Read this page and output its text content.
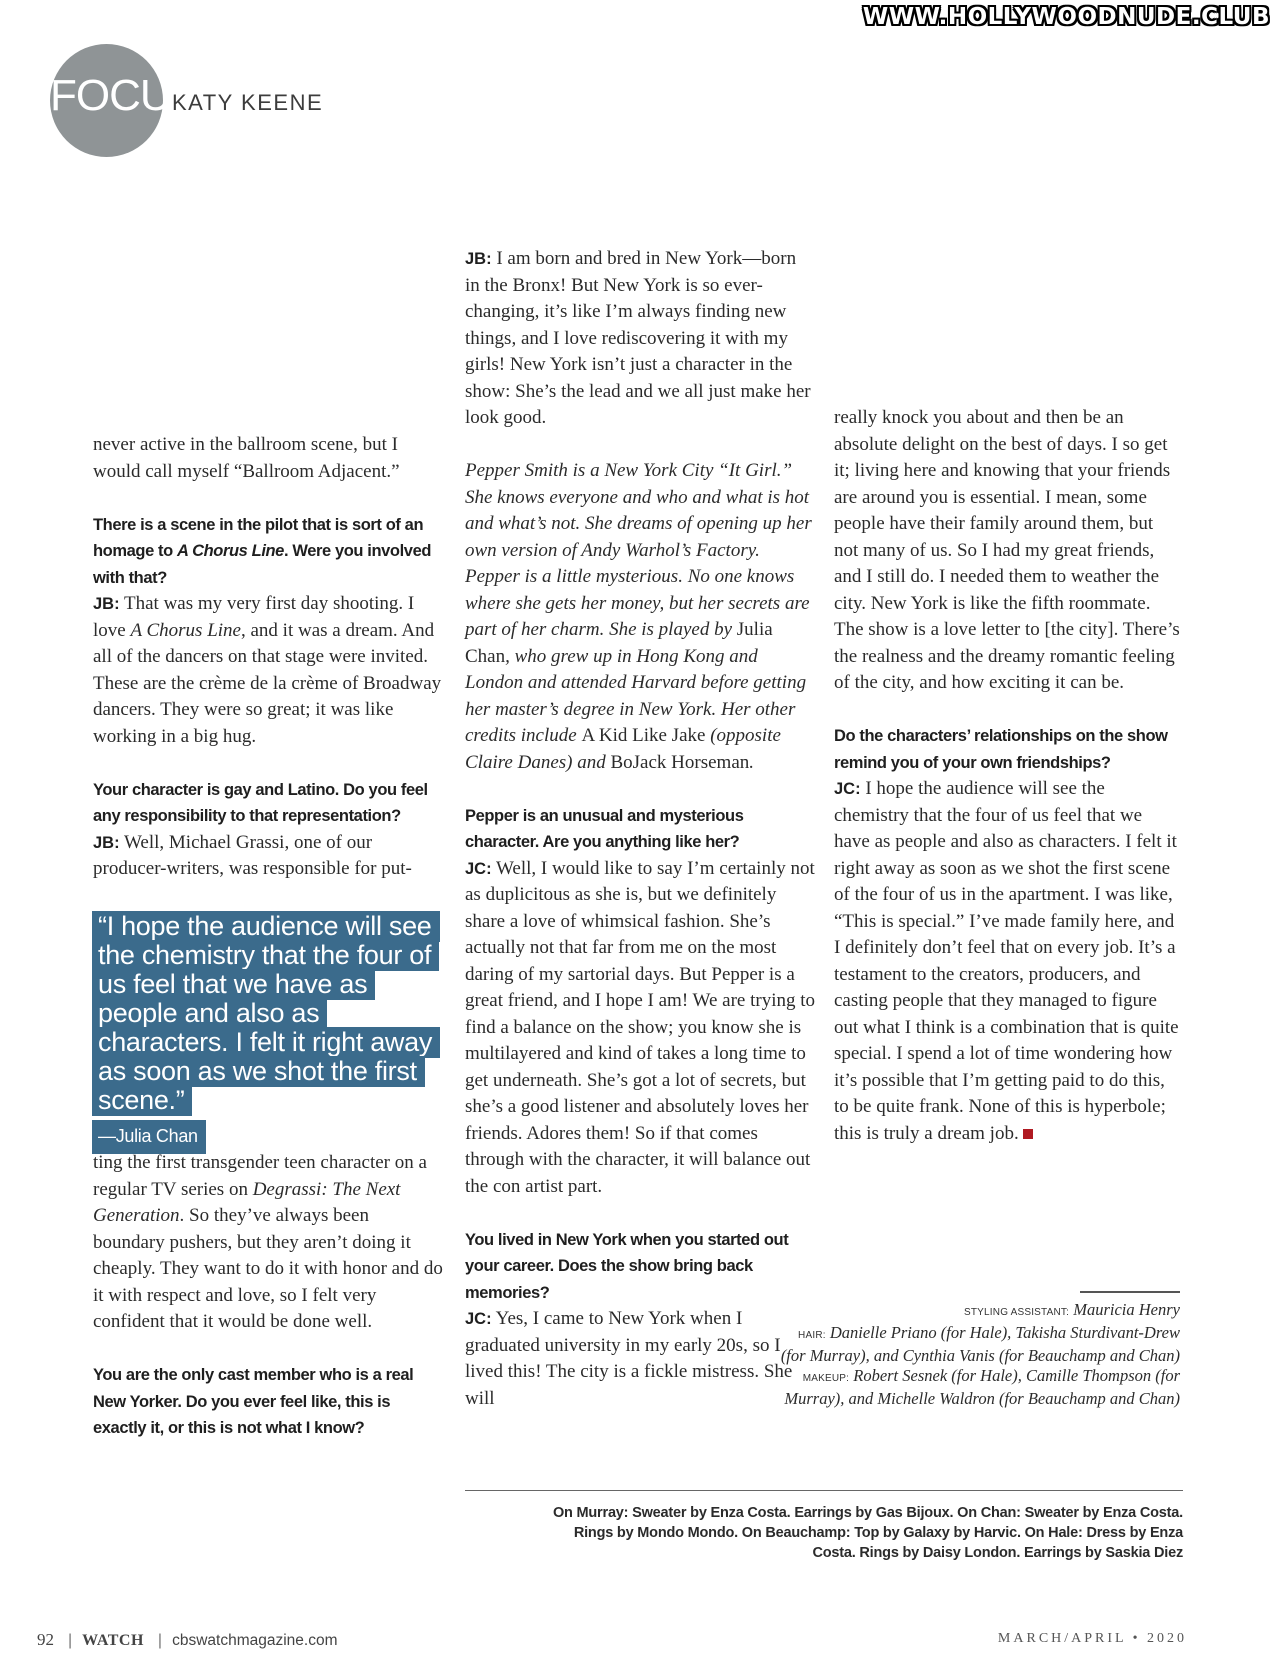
WWW.HOLLYWOODNUDE.CLUB
FOCUS
KATY KEENE

never active in the ballroom scene, but I would call myself “Ballroom Adjacent.”

There is a scene in the pilot that is sort of an homage to A Chorus Line. Were you involved with that?

JB: That was my very first day shooting. I love A Chorus Line, and it was a dream. And all of the dancers on that stage were invited. These are the crème de la crème of Broadway dancers. They were so great; it was like working in a big hug.

Your character is gay and Latino. Do you feel any responsibility to that representation?

JB: Well, Michael Grassi, one of our producer-writers, was responsible for put-

“I hope the audience will see the chemistry that the four of us feel that we have as people and also as characters. I felt it right away as soon as we shot the first scene.”
—Julia Chan

ting the first transgender teen character on a regular TV series on Degrassi: The Next Generation. So they’ve always been boundary pushers, but they aren’t doing it cheaply. They want to do it with honor and do it with respect and love, so I felt very confident that it would be done well.

You are the only cast member who is a real New Yorker. Do you ever feel like, this is exactly it, or this is not what I know?

JB: I am born and bred in New York—born in the Bronx! But New York is so ever-changing, it’s like I’m always finding new things, and I love rediscovering it with my girls! New York isn’t just a character in the show: She’s the lead and we all just make her look good.

Pepper Smith is a New York City “It Girl.” She knows everyone and who and what is hot and what’s not. She dreams of opening up her own version of Andy Warhol’s Factory. Pepper is a little mysterious. No one knows where she gets her money, but her secrets are part of her charm. She is played by Julia Chan, who grew up in Hong Kong and London and attended Harvard before getting her master’s degree in New York. Her other credits include A Kid Like Jake (opposite Claire Danes) and BoJack Horseman.

Pepper is an unusual and mysterious character. Are you anything like her?

JC: Well, I would like to say I’m certainly not as duplicitous as she is, but we definitely share a love of whimsical fashion. She’s actually not that far from me on the most daring of my sartorial days. But Pepper is a great friend, and I hope I am! We are trying to find a balance on the show; you know she is multilayered and kind of takes a long time to get underneath. She’s got a lot of secrets, but she’s a good listener and absolutely loves her friends. Adores them! So if that comes through with the character, it will balance out the con artist part.

You lived in New York when you started out your career. Does the show bring back memories?

JC: Yes, I came to New York when I graduated university in my early 20s, so I lived this! The city is a fickle mistress. She will

really knock you about and then be an absolute delight on the best of days. I so get it; living here and knowing that your friends are around you is essential. I mean, some people have their family around them, but not many of us. So I had my great friends, and I still do. I needed them to weather the city. New York is like the fifth roommate. The show is a love letter to [the city]. There’s the realness and the dreamy romantic feeling of the city, and how exciting it can be.

Do the characters’ relationships on the show remind you of your own friendships?

JC: I hope the audience will see the chemistry that the four of us feel that we have as people and also as characters. I felt it right away as soon as we shot the first scene of the four of us in the apartment. I was like, “This is special.” I’ve made family here, and I definitely don’t feel that on every job. It’s a testament to the creators, producers, and casting people that they managed to figure out what I think is a combination that is quite special. I spend a lot of time wondering how it’s possible that I’m getting paid to do this, to be quite frank. None of this is hyperbole; this is truly a dream job.

STYLING ASSISTANT: Mauricia Henry
HAIR: Danielle Priano (for Hale), Takisha Sturdivant-Drew (for Murray), and Cynthia Vanis (for Beauchamp and Chan)
MAKEUP: Robert Sesnek (for Hale), Camille Thompson (for Murray), and Michelle Waldron (for Beauchamp and Chan)
On Murray: Sweater by Enza Costa. Earrings by Gas Bijoux. On Chan: Sweater by Enza Costa. Rings by Mondo Mondo. On Beauchamp: Top by Galaxy by Harvic. On Hale: Dress by Enza Costa. Rings by Daisy London. Earrings by Saskia Diez
92 | WATCH | cbswatchmagazine.com	MARCH/APRIL • 2020
